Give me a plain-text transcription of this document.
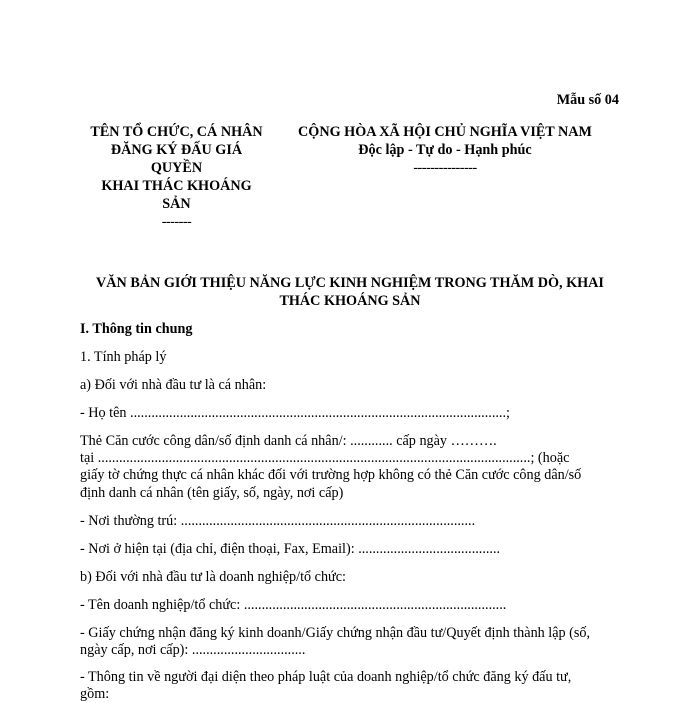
Mẫu số 04
TÊN TỔ CHỨC, CÁ NHÂN
ĐĂNG KÝ ĐẤU GIÁ
QUYỀN
KHAI THÁC KHOÁNG
SẢN
-------
CỘNG HÒA XÃ HỘI CHỦ NGHĨA VIỆT NAM
Độc lập - Tự do - Hạnh phúc
---------------
VĂN BẢN GIỚI THIỆU NĂNG LỰC KINH NGHIỆM TRONG THĂM DÒ, KHAI
THÁC KHOÁNG SẢN
I. Thông tin chung
1. Tính pháp lý
a) Đối với nhà đầu tư là cá nhân:
- Họ tên ..........................................................................................................;
Thẻ Căn cước công dân/số định danh cá nhân/: ............ cấp ngày ……….
tại ..........................................................................................................................; (hoặc
giấy tờ chứng thực cá nhân khác đối với trường hợp không có thẻ Căn cước công dân/số
định danh cá nhân (tên giấy, số, ngày, nơi cấp)
- Nơi thường trú: ...................................................................................
- Nơi ở hiện tại (địa chỉ, điện thoại, Fax, Email): ........................................
b) Đối với nhà đầu tư là doanh nghiệp/tổ chức:
- Tên doanh nghiệp/tổ chức: ..........................................................................
- Giấy chứng nhận đăng ký kinh doanh/Giấy chứng nhận đầu tư/Quyết định thành lập (số,
ngày cấp, nơi cấp): ................................
- Thông tin về người đại diện theo pháp luật của doanh nghiệp/tổ chức đăng ký đấu tư,
gồm:
